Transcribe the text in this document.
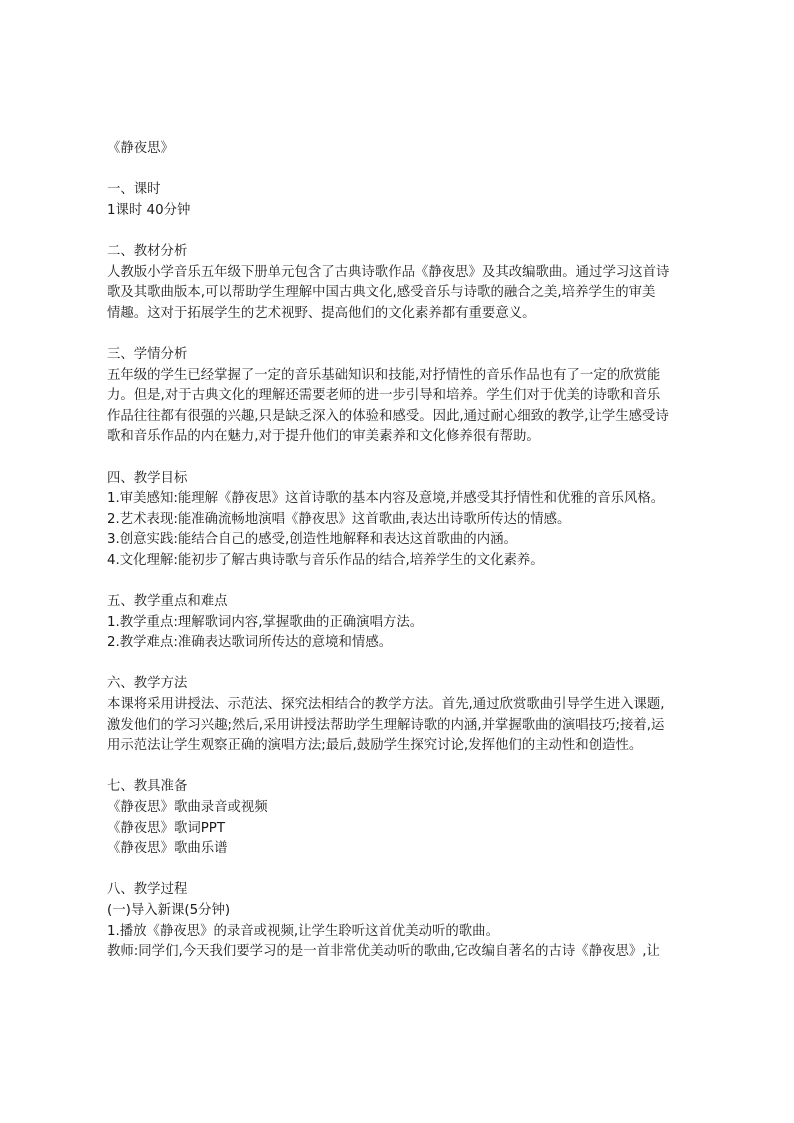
《静夜思》
一、课时
1课时 40分钟
二、教材分析
人教版小学音乐五年级下册单元包含了古典诗歌作品《静夜思》及其改编歌曲。通过学习这首诗
歌及其歌曲版本,可以帮助学生理解中国古典文化,感受音乐与诗歌的融合之美,培养学生的审美
情趣。这对于拓展学生的艺术视野、提高他们的文化素养都有重要意义。
三、学情分析
五年级的学生已经掌握了一定的音乐基础知识和技能,对抒情性的音乐作品也有了一定的欣赏能
力。但是,对于古典文化的理解还需要老师的进一步引导和培养。学生们对于优美的诗歌和音乐
作品往往都有很强的兴趣,只是缺乏深入的体验和感受。因此,通过耐心细致的教学,让学生感受诗
歌和音乐作品的内在魅力,对于提升他们的审美素养和文化修养很有帮助。
四、教学目标
1.审美感知:能理解《静夜思》这首诗歌的基本内容及意境,并感受其抒情性和优雅的音乐风格。
2.艺术表现:能准确流畅地演唱《静夜思》这首歌曲,表达出诗歌所传达的情感。
3.创意实践:能结合自己的感受,创造性地解释和表达这首歌曲的内涵。
4.文化理解:能初步了解古典诗歌与音乐作品的结合,培养学生的文化素养。
五、教学重点和难点
1.教学重点:理解歌词内容,掌握歌曲的正确演唱方法。
2.教学难点:准确表达歌词所传达的意境和情感。
六、教学方法
本课将采用讲授法、示范法、探究法相结合的教学方法。首先,通过欣赏歌曲引导学生进入课题,
激发他们的学习兴趣;然后,采用讲授法帮助学生理解诗歌的内涵,并掌握歌曲的演唱技巧;接着,运
用示范法让学生观察正确的演唱方法;最后,鼓励学生探究讨论,发挥他们的主动性和创造性。
七、教具准备
《静夜思》歌曲录音或视频
《静夜思》歌词PPT
《静夜思》歌曲乐谱
八、教学过程
(一)导入新课(5分钟)
1.播放《静夜思》的录音或视频,让学生聆听这首优美动听的歌曲。
教师:同学们,今天我们要学习的是一首非常优美动听的歌曲,它改编自著名的古诗《静夜思》,让
